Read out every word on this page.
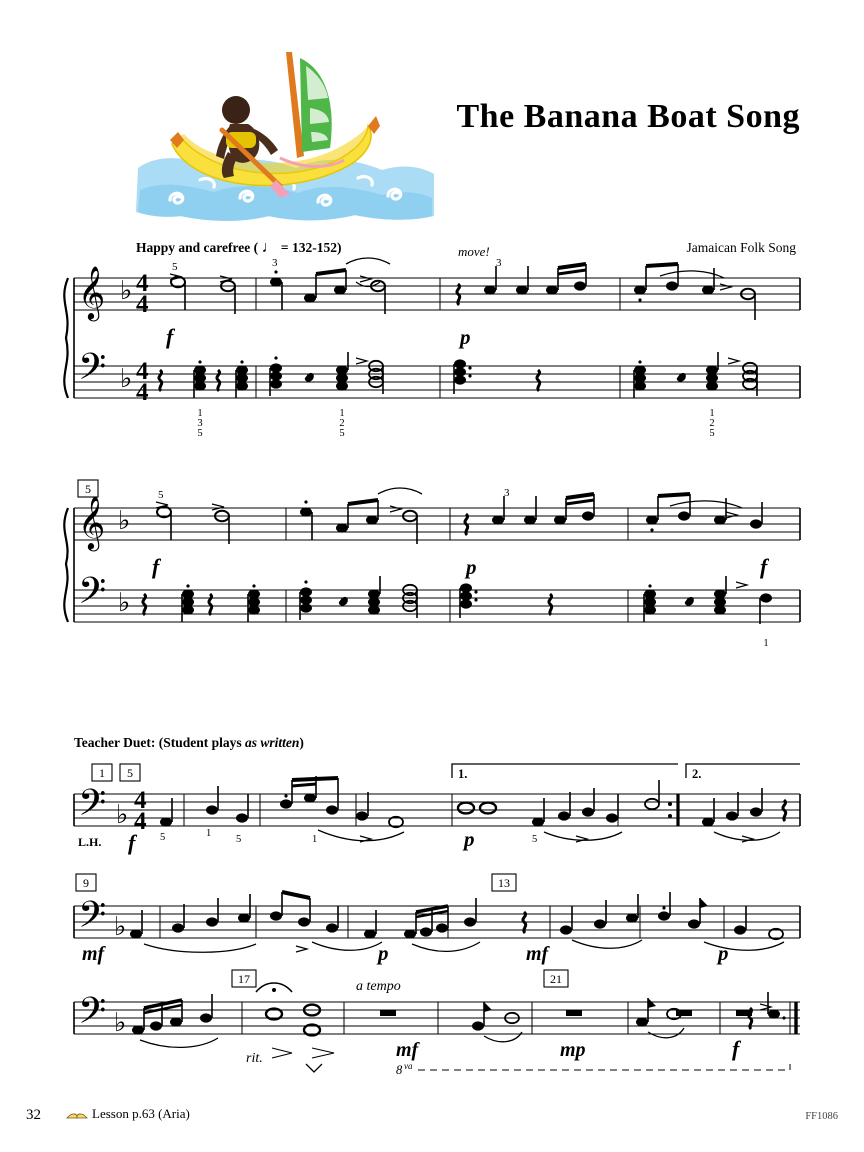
The Banana Boat Song
Happy and carefree ( ♩ = 132-152)	Jamaican Folk Song
𝄞
𝄢
♭
♭
4
4
4
4
5	3	3
move!
f	p
1
3
5
1
2
5
1
2
5
𝄞
𝄢
♭
♭
5	5	3
f	p	f
1
Teacher Duet: (Student plays as written)
𝄢 ♭ 4
4
L.H.
1 5	1.	2.
5	1
5	1	5
f	p
𝄢 ♭
9	13
mf	p	mf	p
𝄢 ♭
17	21
rit.
a tempo
mf	mp	f
8 va
32	Lesson p.63 (Aria)	FF1086
